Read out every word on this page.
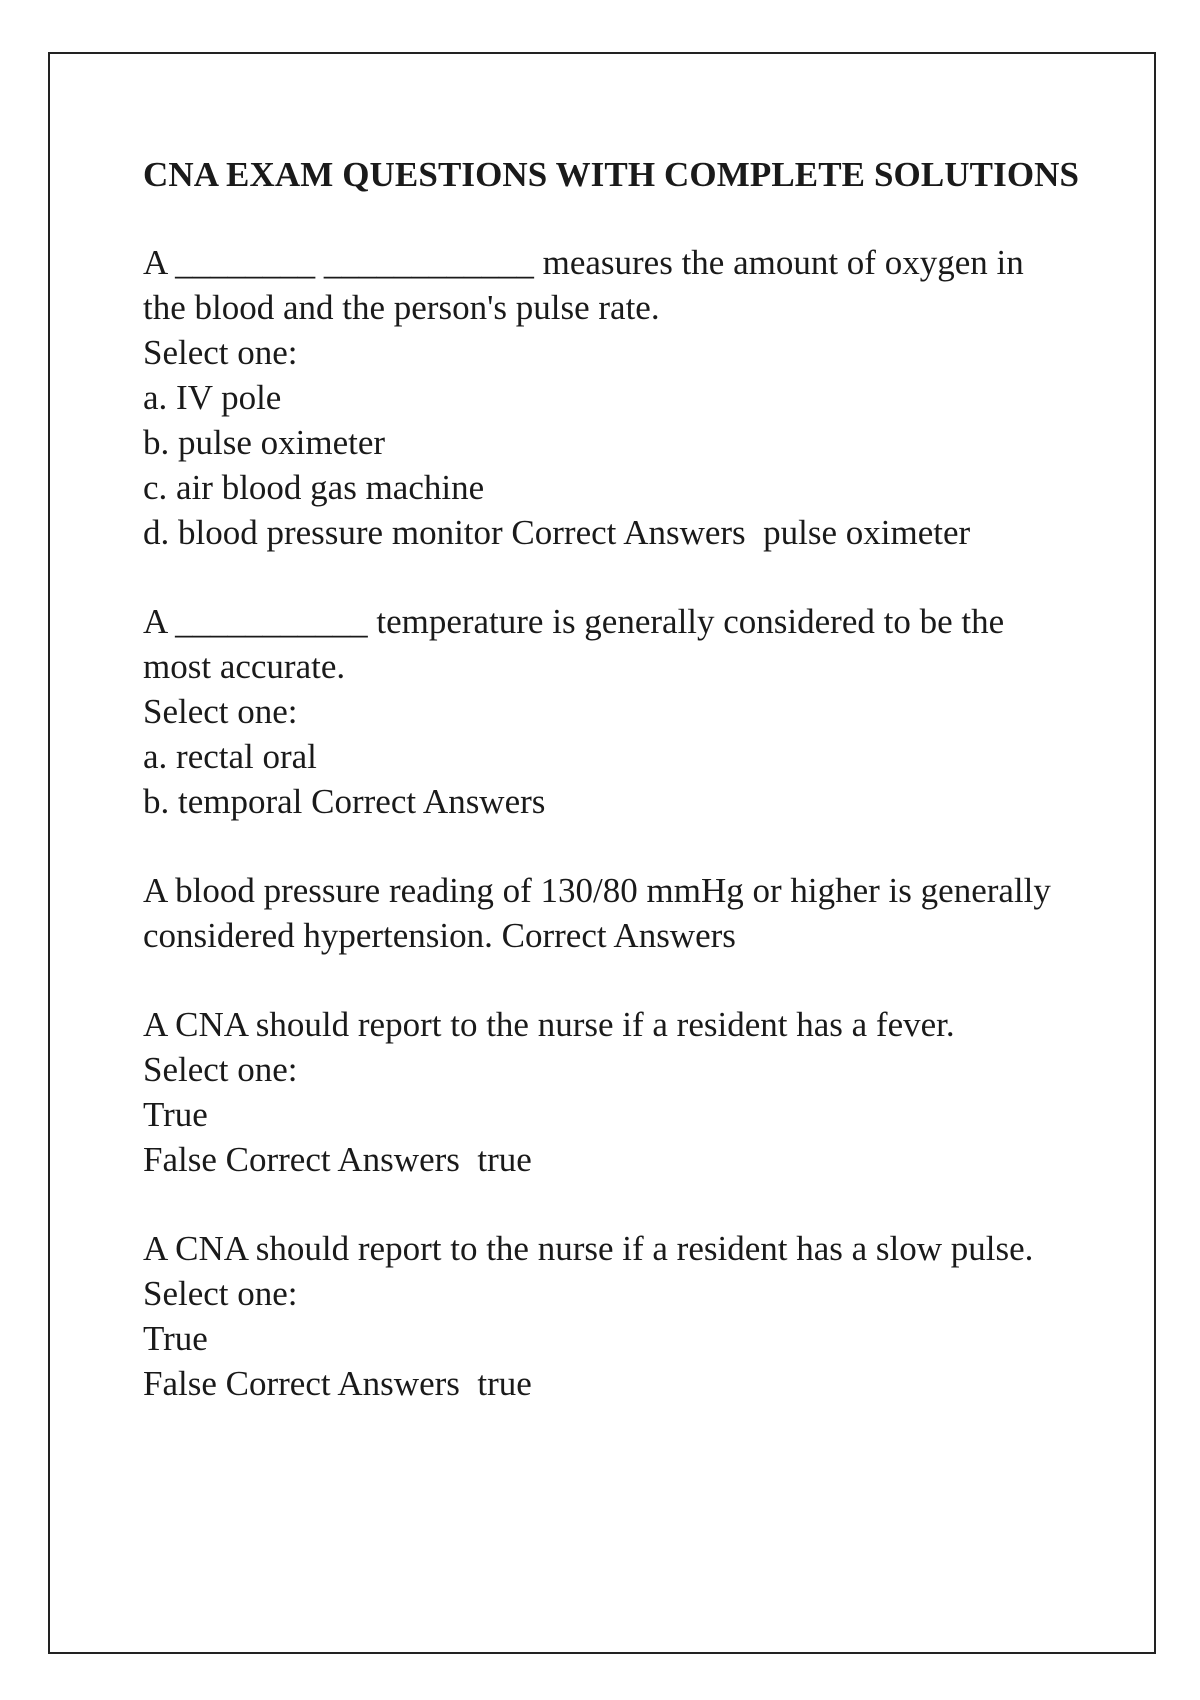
CNA EXAM QUESTIONS WITH COMPLETE SOLUTIONS
A ________ ____________ measures the amount of oxygen in
the blood and the person's pulse rate.
Select one:
a. IV pole
b. pulse oximeter
c. air blood gas machine
d. blood pressure monitor Correct Answers  pulse oximeter
A ___________ temperature is generally considered to be the
most accurate.
Select one:
a. rectal oral
b. temporal Correct Answers
A blood pressure reading of 130/80 mmHg or higher is generally
considered hypertension. Correct Answers
A CNA should report to the nurse if a resident has a fever.
Select one:
True
False Correct Answers  true
A CNA should report to the nurse if a resident has a slow pulse.
Select one:
True
False Correct Answers  true
